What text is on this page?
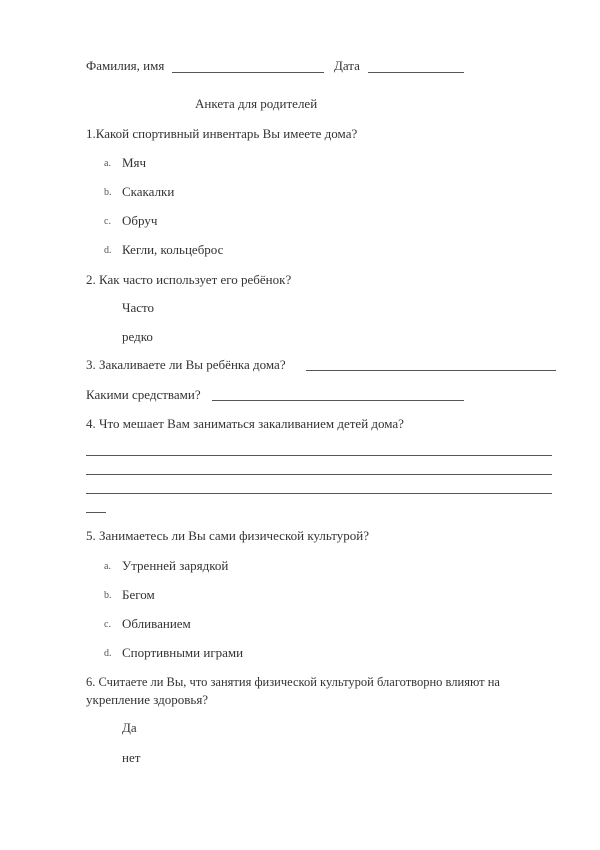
Фамилия, имя	Дата
Анкета для родителей
1.Какой спортивный инвентарь Вы имеете дома?
a. Мяч
b. Скакалки
c. Обруч
d. Кегли, кольцеброс
2. Как часто использует его ребёнок?
Часто
редко
3. Закаливаете ли Вы ребёнка дома?
Какими средствами?
4. Что мешает Вам заниматься закаливанием детей дома?
5. Занимаетесь ли Вы сами физической культурой?
a. Утренней зарядкой
b. Бегом
c. Обливанием
d. Спортивными играми
6. Считаете ли Вы, что занятия физической культурой благотворно влияют на
укрепление здоровья?
Да
нет
